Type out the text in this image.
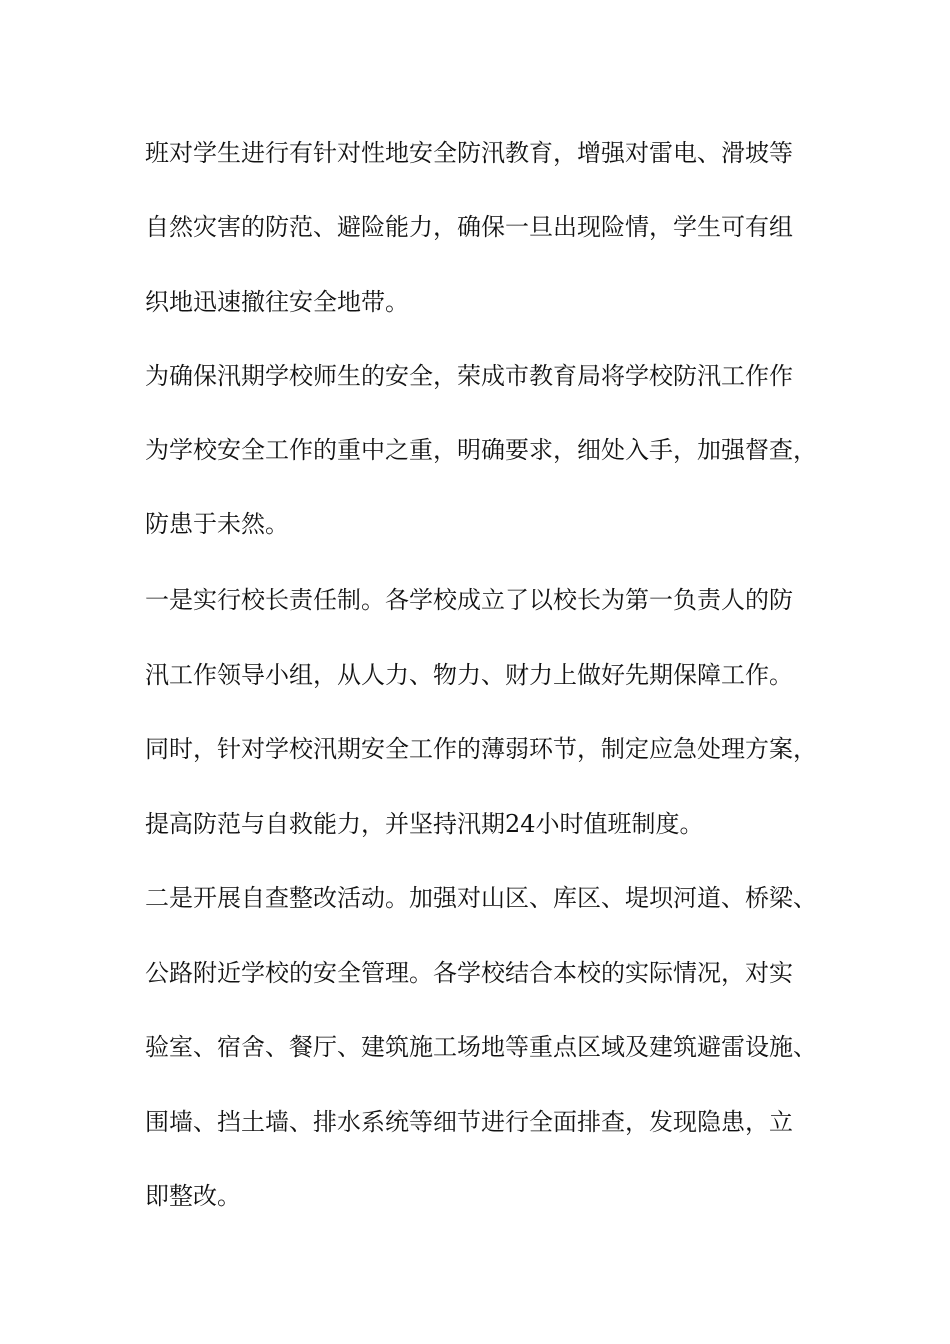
班对学生进行有针对性地安全防汛教育，增强对雷电、滑坡等
自然灾害的防范、避险能力，确保一旦出现险情，学生可有组
织地迅速撤往安全地带。
为确保汛期学校师生的安全，荣成市教育局将学校防汛工作作
为学校安全工作的重中之重，明确要求，细处入手，加强督查，
防患于未然。
一是实行校长责任制。各学校成立了以校长为第一负责人的防
汛工作领导小组，从人力、物力、财力上做好先期保障工作。
同时，针对学校汛期安全工作的薄弱环节，制定应急处理方案，
提高防范与自救能力，并坚持汛期24小时值班制度。
二是开展自查整改活动。加强对山区、库区、堤坝河道、桥梁、
公路附近学校的安全管理。各学校结合本校的实际情况，对实
验室、宿舍、餐厅、建筑施工场地等重点区域及建筑避雷设施、
围墙、挡土墙、排水系统等细节进行全面排查，发现隐患，立
即整改。
